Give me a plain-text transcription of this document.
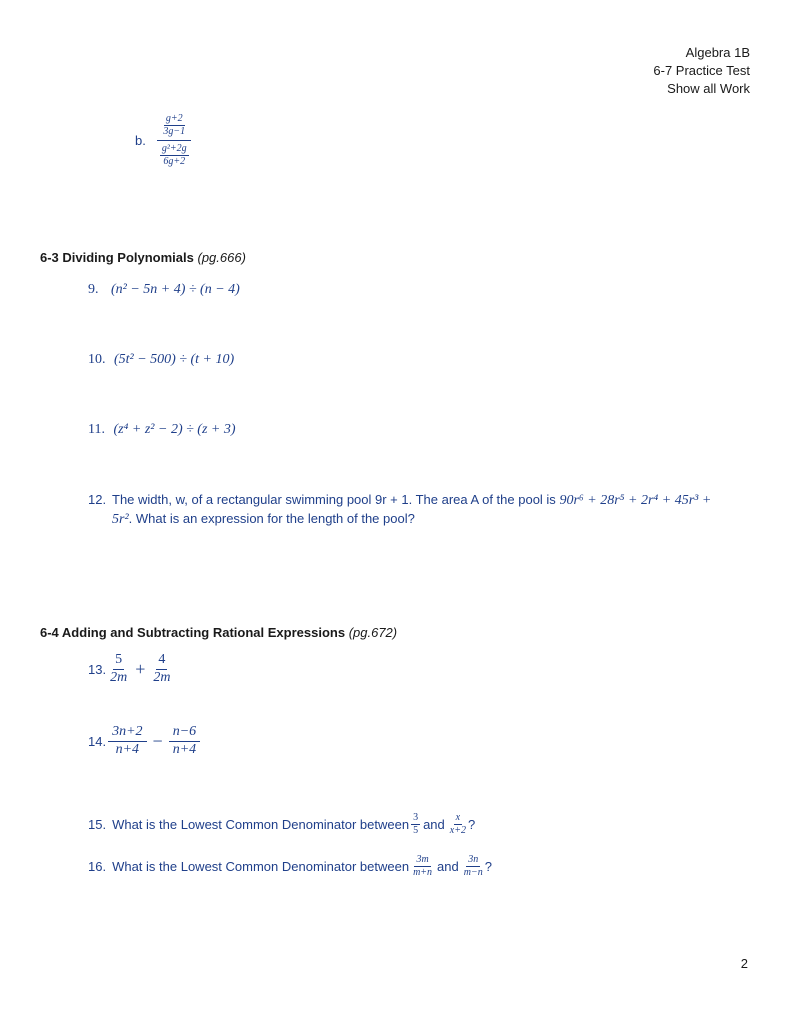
Algebra 1B
6-7 Practice Test
Show all Work
b. $\frac{\frac{g+2}{3g-1}}{\frac{\text{g²+2g}}{6g+2}}$
6-3 Dividing Polynomials (pg.666)
9. (n² − 5n + 4) ÷ (n − 4)
10. (5t² − 500) ÷ (t + 10)
11. (z⁴ + z² − 2) ÷ (z + 3)
12. The width, w, of a rectangular swimming pool 9r + 1. The area A of the pool is 90r⁶ + 28r⁵ + 2r⁴ + 45r³ +
5r². What is an expression for the length of the pool?
6-4 Adding and Subtracting Rational Expressions (pg.672)
13. $\frac{5}{2m} + \frac{4}{2m}$
14. $\frac{3n+2}{n+4} - \frac{n-6}{n+4}$
15. What is the Lowest Common Denominator between $\frac{3}{5}$ and $\frac{x}{x+2}$ ?
16. What is the Lowest Common Denominator between $\frac{3m}{m+n}$ and $\frac{3n}{m-n}$ ?
2
